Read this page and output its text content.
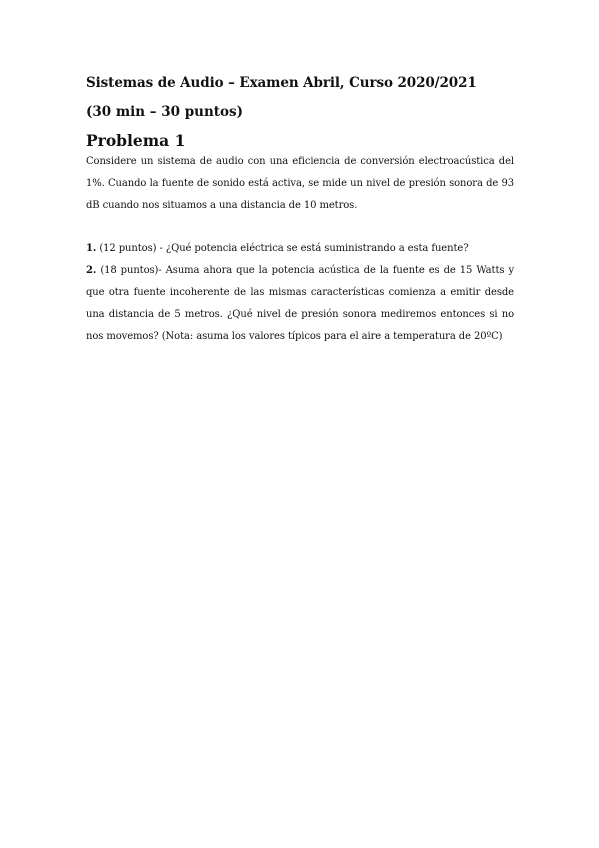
Sistemas de Audio – Examen Abril, Curso 2020/2021
(30 min – 30 puntos)
Problema 1
Considere un sistema de audio con una eficiencia de conversión electroacústica del 1%. Cuando la fuente de sonido está activa, se mide un nivel de presión sonora de 93 dB cuando nos situamos a una distancia de 10 metros.
1. (12 puntos) - ¿Qué potencia eléctrica se está suministrando a esta fuente?
2. (18 puntos)- Asuma ahora que la potencia acústica de la fuente es de 15 Watts y que otra fuente incoherente de las mismas características comienza a emitir desde una distancia de 5 metros. ¿Qué nivel de presión sonora mediremos entonces si no nos movemos? (Nota: asuma los valores típicos para el aire a temperatura de 20ºC)
